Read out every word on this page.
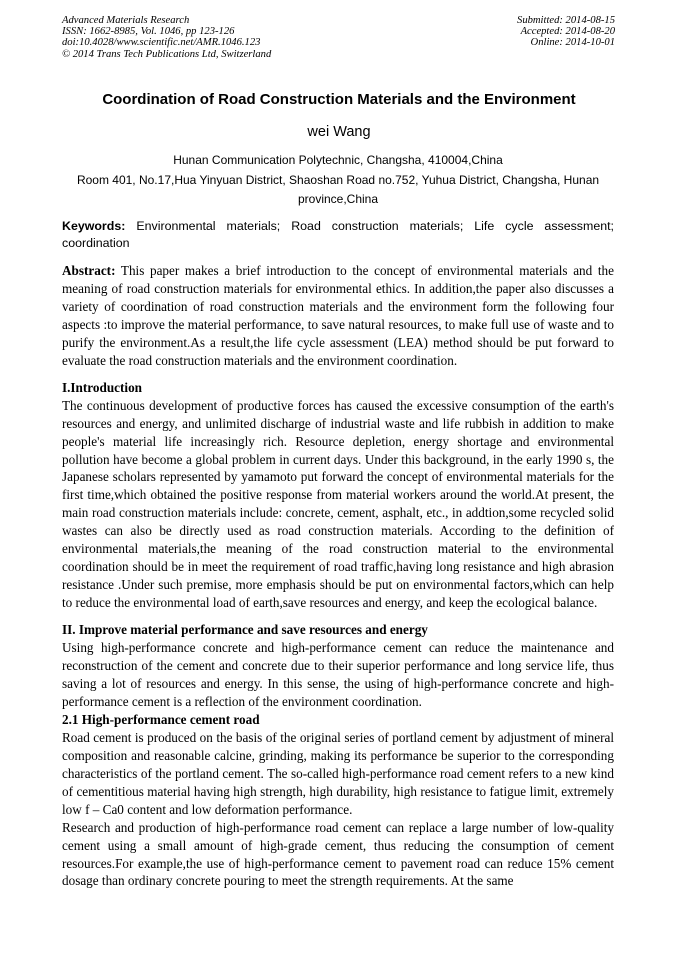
Advanced Materials Research
ISSN: 1662-8985, Vol. 1046, pp 123-126
doi:10.4028/www.scientific.net/AMR.1046.123
© 2014 Trans Tech Publications Ltd, Switzerland
Submitted: 2014-08-15
Accepted: 2014-08-20
Online: 2014-10-01
Coordination of Road Construction Materials and the Environment
wei Wang
Hunan Communication Polytechnic, Changsha, 410004,China
Room 401, No.17,Hua Yinyuan District, Shaoshan Road no.752, Yuhua District, Changsha, Hunan province,China
Keywords: Environmental materials; Road construction materials; Life cycle assessment; coordination

Abstract: This paper makes a brief introduction to the concept of environmental materials and the meaning of road construction materials for environmental ethics. In addition,the paper also discusses a variety of coordination of road construction materials and the environment form the following four aspects :to improve the material performance, to save natural resources, to make full use of waste and to purify the environment.As a result,the life cycle assessment (LEA) method should be put forward to evaluate the road construction materials and the environment coordination.

I.Introduction

The continuous development of productive forces has caused the excessive consumption of the earth's resources and energy, and unlimited discharge of industrial waste and life rubbish in addition to make people's material life increasingly rich. Resource depletion, energy shortage and environmental pollution have become a global problem in current days. Under this background, in the early 1990 s, the Japanese scholars represented by yamamoto put forward the concept of environmental materials for the first time,which obtained the positive response from material workers around the world.At present, the main road construction materials include: concrete, cement, asphalt, etc., in addtion,some recycled solid wastes can also be directly used as road construction materials. According to the definition of environmental materials,the meaning of the road construction material to the environmental coordination should be in meet the requirement of road traffic,having long resistance and high abrasion resistance .Under such premise, more emphasis should be put on environmental factors,which can help to reduce the environmental load of earth,save resources and energy, and keep the ecological balance.

II. Improve material performance and save resources and energy

Using high-performance concrete and high-performance cement can reduce the maintenance and reconstruction of the cement and concrete due to their superior performance and long service life, thus saving a lot of resources and energy. In this sense, the using of high-performance concrete and high-performance cement is a reflection of the environment coordination.

2.1 High-performance cement road

Road cement is produced on the basis of the original series of portland cement by adjustment of mineral composition and reasonable calcine, grinding, making its performance be superior to the corresponding characteristics of the portland cement. The so-called high-performance road cement refers to a new kind of cementitious material having high strength, high durability, high resistance to fatigue limit, extremely low f – Ca0 content and low deformation performance.

Research and production of high-performance road cement can replace a large number of low-quality cement using a small amount of high-grade cement, thus reducing the consumption of cement resources.For example,the use of high-performance cement to pavement road can reduce 15% cement dosage than ordinary concrete pouring to meet the strength requirements. At the same
